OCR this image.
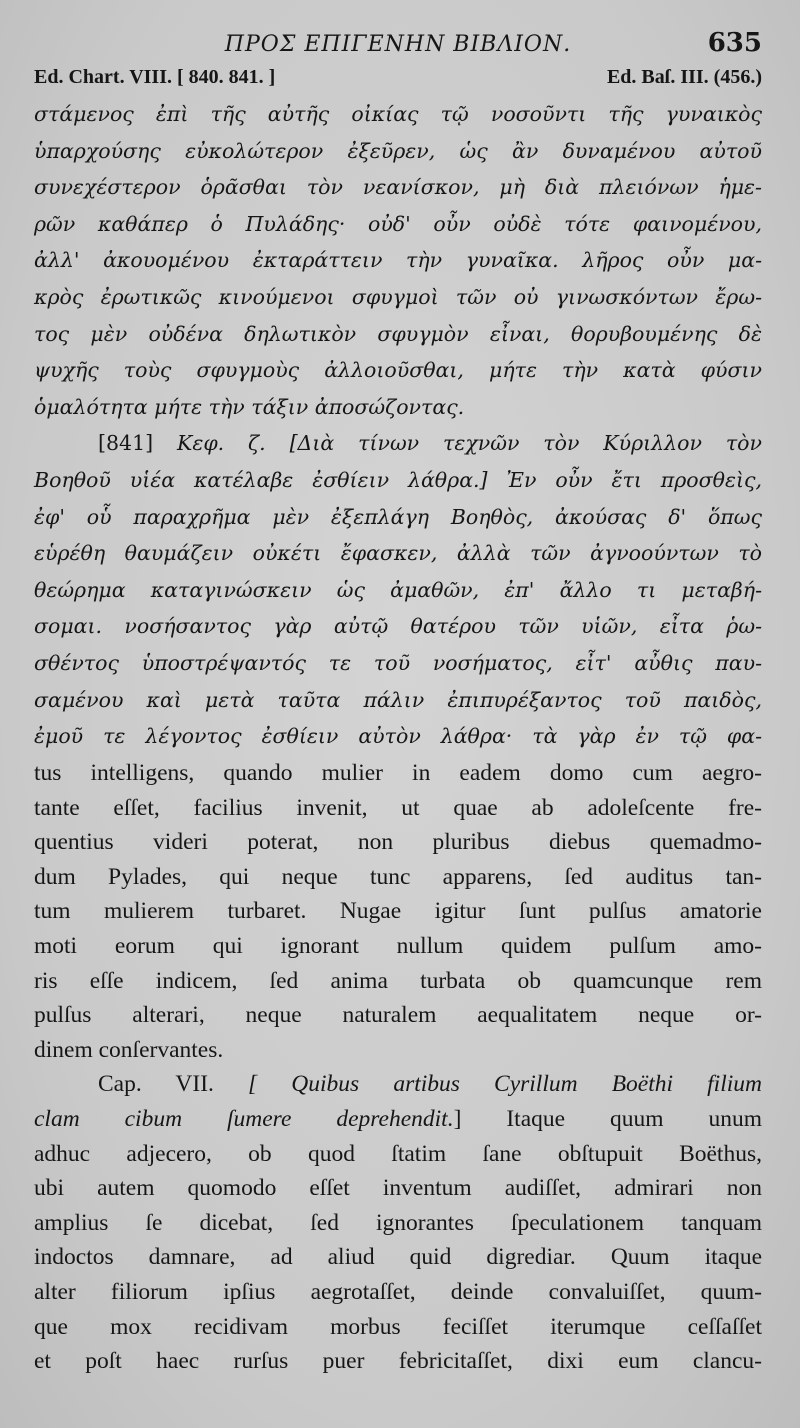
ΠΡΟΣ ΕΠΙΓΕΝΗΝ ΒΙΒΛΙΟΝ.	635
Ed. Chart. VIII. [ 840. 841. ]	Ed. Baſ. III. (456.)
στάμενος ἐπὶ τῆς αὐτῆς οἰκίας τῷ νοσοῦντι τῆς γυναικὸς
ὑπαρχούσης εὐκολώτερον ἐξεῦρεν, ὡς ἂν δυναμένου αὐτοῦ
συνεχέστερον ὁρᾶσθαι τὸν νεανίσκον, μὴ διὰ πλειόνων ἡμε-
ρῶν καθάπερ ὁ Πυλάδης· οὐδ' οὖν οὐδὲ τότε φαινομένου,
ἀλλ' ἀκουομένου ἐκταράττειν τὴν γυναῖκα. λῆρος οὖν μα-
κρὸς ἐρωτικῶς κινούμενοι σφυγμοὶ τῶν οὐ γινωσκόντων ἔρω-
τος μὲν οὐδένα δηλωτικὸν σφυγμὸν εἶναι, θορυβουμένης δὲ
ψυχῆς τοὺς σφυγμοὺς ἀλλοιοῦσθαι, μήτε τὴν κατὰ φύσιν
ὁμαλότητα μήτε τὴν τάξιν ἀποσώζοντας.
[841] Κεφ. ζ. [Διὰ τίνων τεχνῶν τὸν Κύριλλον τὸν
Βοηθοῦ υἱέα κατέλαβε ἐσθίειν λάθρα.] Ἐν οὖν ἔτι προσθεὶς,
ἐφ' οὗ παραχρῆμα μὲν ἐξεπλάγη Βοηθὸς, ἀκούσας δ' ὅπως
εὑρέθη θαυμάζειν οὐκέτι ἔφασκεν, ἀλλὰ τῶν ἀγνοούντων τὸ
θεώρημα καταγινώσκειν ὡς ἀμαθῶν, ἐπ' ἄλλο τι μεταβή-
σομαι. νοσήσαντος γὰρ αὐτῷ θατέρου τῶν υἱῶν, εἶτα ῥω-
σθέντος ὑποστρέψαντός τε τοῦ νοσήματος, εἶτ' αὖθις παυ-
σαμένου καὶ μετὰ ταῦτα πάλιν ἐπιπυρέξαντος τοῦ παιδὸς,
ἐμοῦ τε λέγοντος ἐσθίειν αὐτὸν λάθρα· τὰ γὰρ ἐν τῷ φα-
tus intelligens, quando mulier in eadem domo cum aegro-
tante eſſet, facilius invenit, ut quae ab adoleſcente fre-
quentius videri poterat, non pluribus diebus quemadmo-
dum Pylades, qui neque tunc apparens, ſed auditus tan-
tum mulierem turbaret. Nugae igitur ſunt pulſus amatorie
moti eorum qui ignorant nullum quidem pulſum amo-
ris eſſe indicem, ſed anima turbata ob quamcunque rem
pulſus alterari, neque naturalem aequalitatem neque or-
dinem conſervantes.
Cap. VII. [ Quibus artibus Cyrillum Boëthi filium
clam cibum ſumere deprehendit.] Itaque quum unum
adhuc adjecero, ob quod ſtatim ſane obſtupuit Boëthus,
ubi autem quomodo eſſet inventum audiſſet, admirari non
amplius ſe dicebat, ſed ignorantes ſpeculationem tanquam
indoctos damnare, ad aliud quid digrediar. Quum itaque
alter filiorum ipſius aegrotaſſet, deinde convaluiſſet, quum-
que mox recidivam morbus feciſſet iterumque ceſſaſſet
et poſt haec rurſus puer febricitaſſet, dixi eum clancu-
